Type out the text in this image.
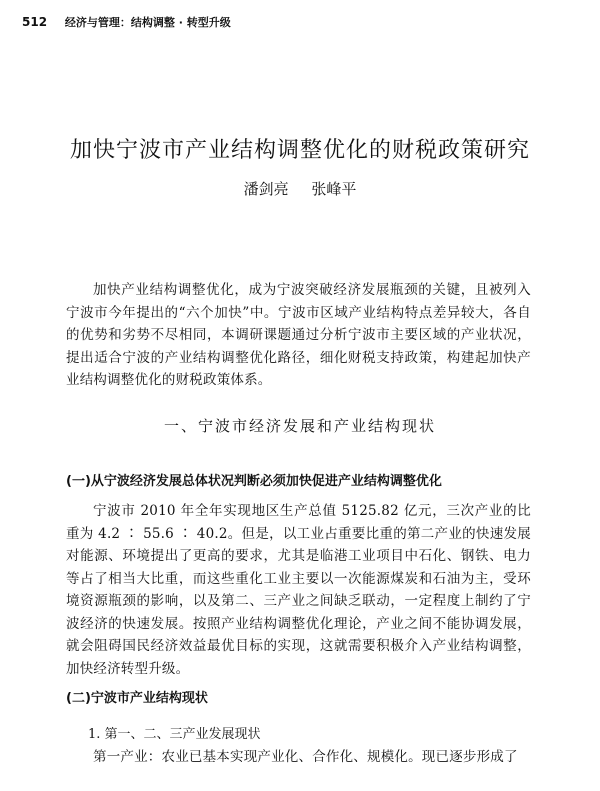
512 经济与管理：结构调整 · 转型升级
加快宁波市产业结构调整优化的财税政策研究
潘剑亮 张峰平

加快产业结构调整优化，成为宁波突破经济发展瓶颈的关键，且被列入宁波市今年提出的“六个加快”中。宁波市区域产业结构特点差异较大，各自的优势和劣势不尽相同，本调研课题通过分析宁波市主要区域的产业状况，提出适合宁波的产业结构调整优化路径，细化财税支持政策，构建起加快产业结构调整优化的财税政策体系。

一、宁波市经济发展和产业结构现状
(一)从宁波经济发展总体状况判断必须加快促进产业结构调整优化

宁波市 2010 年全年实现地区生产总值 5125.82 亿元，三次产业的比重为 4.2 ∶ 55.6 ∶ 40.2。但是，以工业占重要比重的第二产业的快速发展对能源、环境提出了更高的要求，尤其是临港工业项目中石化、钢铁、电力等占了相当大比重，而这些重化工业主要以一次能源煤炭和石油为主，受环境资源瓶颈的影响，以及第二、三产业之间缺乏联动，一定程度上制约了宁波经济的快速发展。按照产业结构调整优化理论，产业之间不能协调发展，就会阻碍国民经济效益最优目标的实现，这就需要积极介入产业结构调整，加快经济转型升级。

(二)宁波市产业结构现状
1. 第一、二、三产业发展现状

第一产业：农业已基本实现产业化、合作化、规模化。现已逐步形成了
